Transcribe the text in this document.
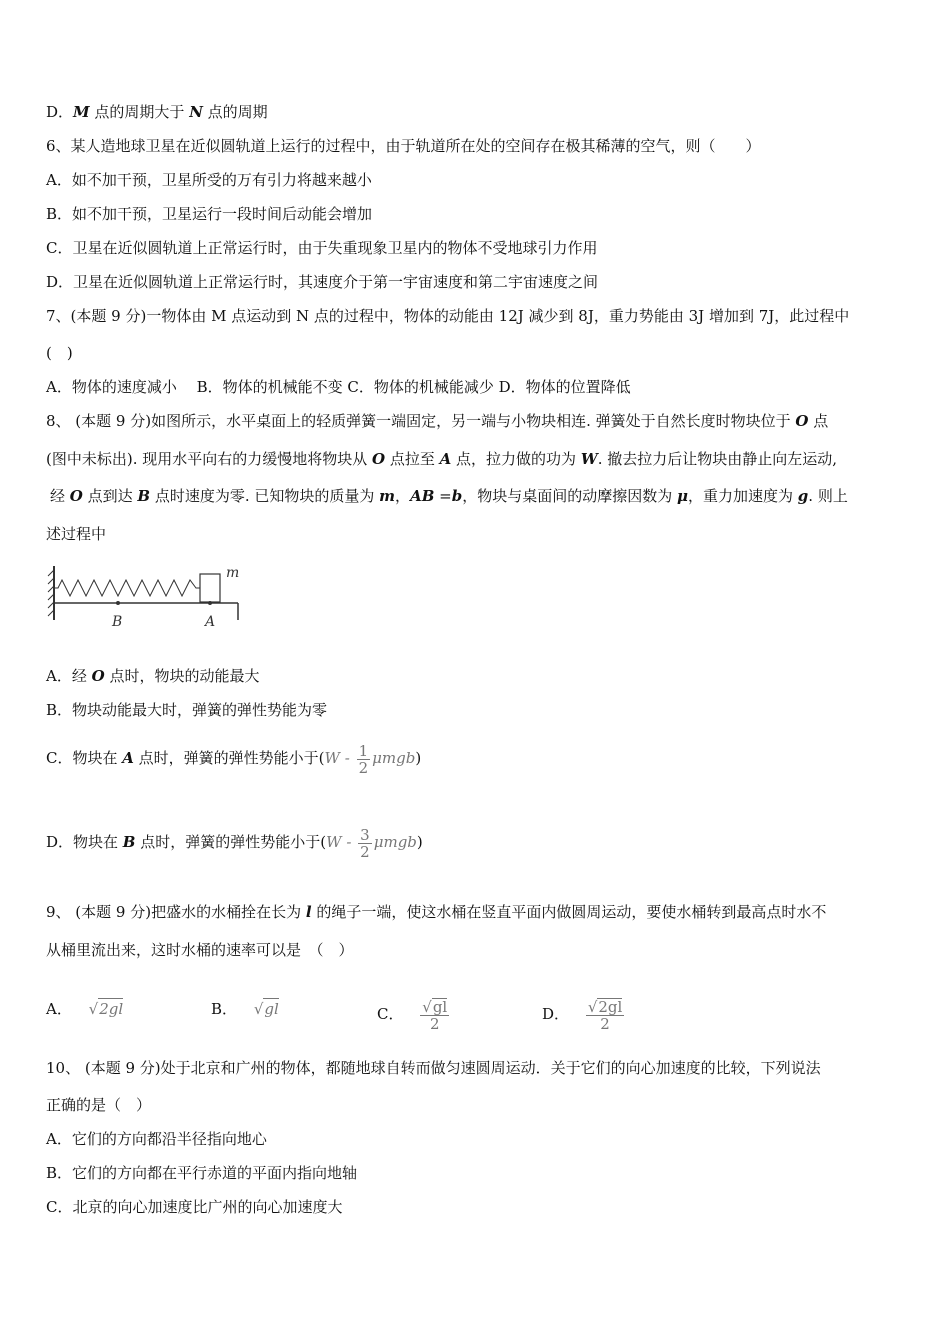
D．M 点的周期大于 N 点的周期
6、某人造地球卫星在近似圆轨道上运行的过程中，由于轨道所在处的空间存在极其稀薄的空气，则（　　）
A．如不加干预，卫星所受的万有引力将越来越小
B．如不加干预，卫星运行一段时间后动能会增加
C．卫星在近似圆轨道上正常运行时，由于失重现象卫星内的物体不受地球引力作用
D．卫星在近似圆轨道上正常运行时，其速度介于第一宇宙速度和第二宇宙速度之间
7、(本题 9 分)一物体由 M 点运动到 N 点的过程中，物体的动能由 12J 减少到 8J，重力势能由 3J 增加到 7J，此过程中
(　)
A．物体的速度减小　 B．物体的机械能不变 C．物体的机械能减少 D．物体的位置降低
8、 (本题 9 分)如图所示，水平桌面上的轻质弹簧一端固定，另一端与小物块相连. 弹簧处于自然长度时物块位于 O 点
(图中未标出). 现用水平向右的力缓慢地将物块从 O 点拉至 A 点，拉力做的功为 W. 撤去拉力后让物块由静止向左运动,
经 O 点到达 B 点时速度为零. 已知物块的质量为 m，AB =b，物块与桌面间的动摩擦因数为 μ，重力加速度为 g. 则上
述过程中
m
B	A
A．经 O 点时，物块的动能最大
B．物块动能最大时，弹簧的弹性势能为零
C．物块在 A 点时，弹簧的弹性势能小于$(W - \frac{1}{2} \mu mgb)$
D．物块在 B 点时，弹簧的弹性势能小于$(W - \frac{3}{2} \mu mgb)$
9、 (本题 9 分)把盛水的水桶拴在长为 l 的绳子一端，使这水桶在竖直平面内做圆周运动，要使水桶转到最高点时水不
从桶里流出来，这时水桶的速率可以是　（　）
A． √2gl	B． √gl	C． $\frac{√gl}{2}$	D． $\frac{√2gl}{2}$
10、 (本题 9 分)处于北京和广州的物体，都随地球自转而做匀速圆周运动．关于它们的向心加速度的比较，下列说法
正确的是（　）
A．它们的方向都沿半径指向地心
B．它们的方向都在平行赤道的平面内指向地轴
C．北京的向心加速度比广州的向心加速度大
